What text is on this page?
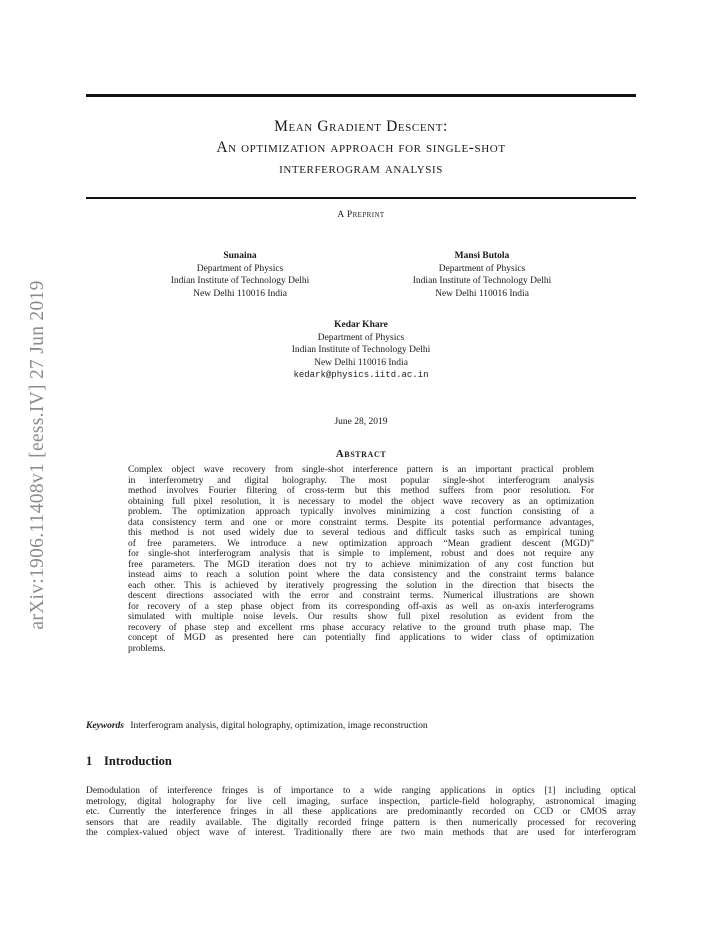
arXiv:1906.11408v1 [eess.IV] 27 Jun 2019
Mean Gradient Descent:
An optimization approach for single-shot
interferogram analysis
A Preprint
Sunaina
Department of Physics
Indian Institute of Technology Delhi
New Delhi 110016 India
Mansi Butola
Department of Physics
Indian Institute of Technology Delhi
New Delhi 110016 India
Kedar Khare
Department of Physics
Indian Institute of Technology Delhi
New Delhi 110016 India
kedark@physics.iitd.ac.in
June 28, 2019
Abstract
Complex object wave recovery from single-shot interference pattern is an important practical problem
in interferometry and digital holography. The most popular single-shot interferogram analysis
method involves Fourier filtering of cross-term but this method suffers from poor resolution. For
obtaining full pixel resolution, it is necessary to model the object wave recovery as an optimization
problem. The optimization approach typically involves minimizing a cost function consisting of a
data consistency term and one or more constraint terms. Despite its potential performance advantages,
this method is not used widely due to several tedious and difficult tasks such as empirical tuning
of free parameters. We introduce a new optimization approach “Mean gradient descent (MGD)”
for single-shot interferogram analysis that is simple to implement, robust and does not require any
free parameters. The MGD iteration does not try to achieve minimization of any cost function but
instead aims to reach a solution point where the data consistency and the constraint terms balance
each other. This is achieved by iteratively progressing the solution in the direction that bisects the
descent directions associated with the error and constraint terms. Numerical illustrations are shown
for recovery of a step phase object from its corresponding off-axis as well as on-axis interferograms
simulated with multiple noise levels. Our results show full pixel resolution as evident from the
recovery of phase step and excellent rms phase accuracy relative to the ground truth phase map. The
concept of MGD as presented here can potentially find applications to wider class of optimization
problems.
Keywords Interferogram analysis, digital holography, optimization, image reconstruction
1 Introduction
Demodulation of interference fringes is of importance to a wide ranging applications in optics [1] including optical
metrology, digital holography for live cell imaging, surface inspection, particle-field holography, astronomical imaging
etc. Currently the interference fringes in all these applications are predominantly recorded on CCD or CMOS array
sensors that are readily available. The digitally recorded fringe pattern is then numerically processed for recovering
the complex-valued object wave of interest. Traditionally there are two main methods that are used for interferogram
